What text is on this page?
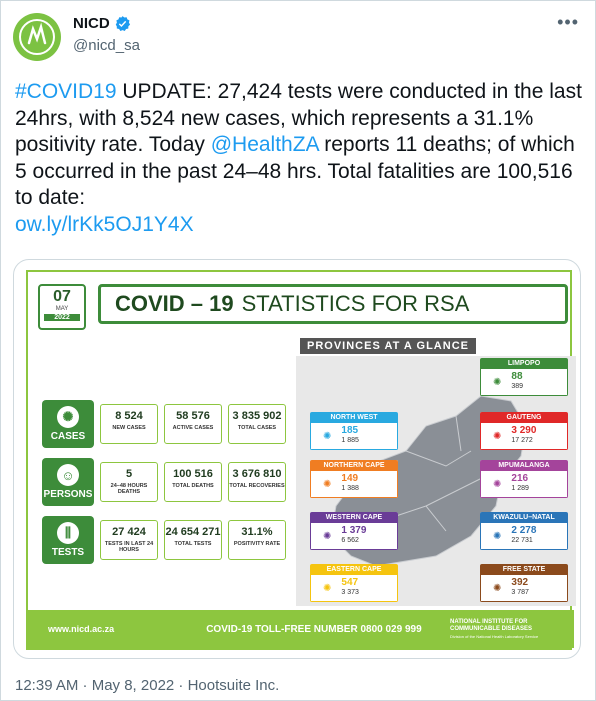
NICD
@nicd_sa
•••
#COVID19 UPDATE: 27,424 tests were conducted in the last 24hrs, with 8,524 new cases, which represents a 31.1% positivity rate. Today @HealthZA reports 11 deaths; of which 5 occurred in the past 24–48 hrs. Total fatalities are 100,516 to date:
ow.ly/lrKk5OJ1Y4X
07
MAY
2022
COVID – 19 STATISTICS FOR RSA
PROVINCES AT A GLANCE
✺
CASES
8 524
NEW CASES
58 576
ACTIVE CASES
3 835 902
TOTAL CASES
☺
PERSONS
5
24–48 HOURS DEATHS
100 516
TOTAL DEATHS
3 676 810
TOTAL RECOVERIES
⫼
TESTS
27 424
TESTS IN LAST 24 HOURS
24 654 271
TOTAL TESTS
31.1%
POSITIVITY RATE
LIMPOPO
✺ 88
389
NORTH WEST
✺ 185
1 885
GAUTENG
✺ 3 290
17 272
NORTHERN CAPE
✺ 149
1 388
MPUMALANGA
✺ 216
1 289
WESTERN CAPE
✺ 1 379
6 562
KWAZULU–NATAL
✺ 2 278
22 731
EASTERN CAPE
✺ 547
3 373
FREE STATE
✺ 392
3 787
www.nicd.ac.za	COVID-19 TOLL-FREE NUMBER 0800 029 999
NATIONAL INSTITUTE FOR COMMUNICABLE DISEASES
Division of the National Health Laboratory Service
12:39 AM · May 8, 2022 · Hootsuite Inc.
